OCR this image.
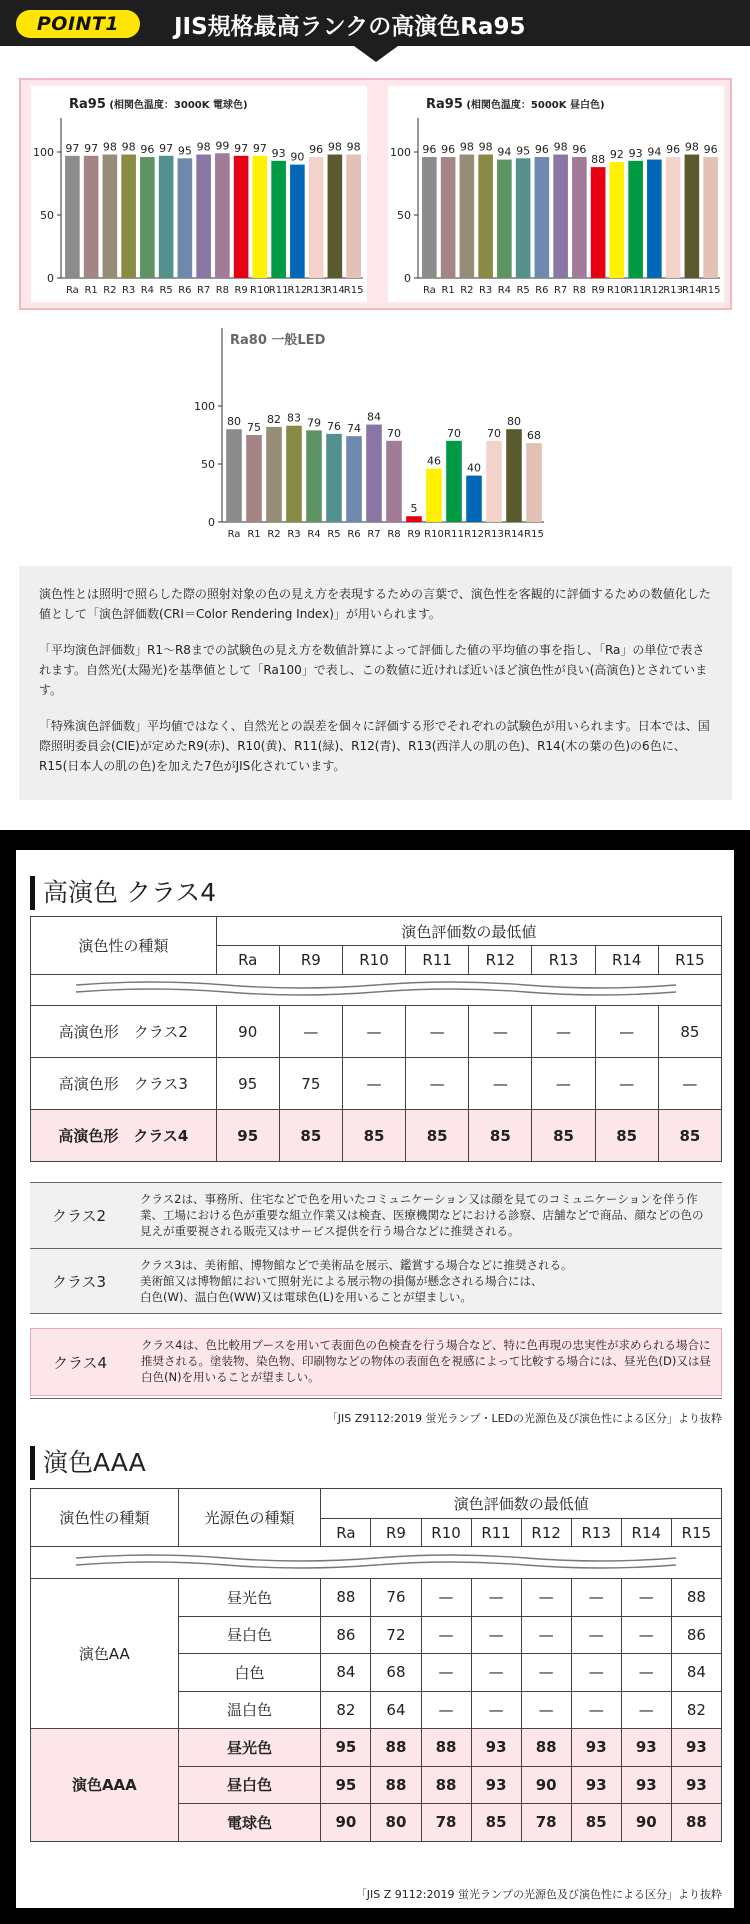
POINT1	JIS規格最高ランクの高演色Ra95
Ra95 (相関色温度：3000K 電球色)
0
50
100 97
Ra
97
R1
98
R2
98
R3
96
R4
97
R5
95
R6
98
R7
99
R8
97
R9
97
R10
93
R11
90
R12
96
R13
98
R14
98
R15
Ra95 (相関色温度：5000K 昼白色)
0
50
100 96
Ra
96
R1
98
R2
98
R3
94
R4
95
R5
96
R6
98
R7
96
R8
88
R9
92
R10
93
R11
94
R12
96
R13
98
R14
96
R15
Ra80 一般LED
0
50
100
80
Ra
75
R1
82
R2
83
R3
79
R4
76
R5
74
R6
84
R7
70
R8
5
R9
46
R10
70
R11
40
R12
70
R13
80
R14
68
R15

演色性とは照明で照らした際の照射対象の色の見え方を表現するための言葉で、演色性を客観的に評価するための数値化した値として「演色評価数(CRI＝Color Rendering Index)」が用いられます。

「平均演色評価数」R1〜R8までの試験色の見え方を数値計算によって評価した値の平均値の事を指し、「Ra」の単位で表されます。自然光(太陽光)を基準値として「Ra100」で表し、この数値に近ければ近いほど演色性が良い(高演色)とされています。

「特殊演色評価数」平均値ではなく、自然光との誤差を個々に評価する形でそれぞれの試験色が用いられます。日本では、国際照明委員会(CIE)が定めたR9(赤)、R10(黄)、R11(緑)、R12(青)、R13(西洋人の肌の色)、R14(木の葉の色)の6色に、R15(日本人の肌の色)を加えた7色がJIS化されています。

高演色 クラス4
演色性の種類	演色評価数の最低値							
	Ra	R9	R10	R11	R12	R13	R14	R15

高演色形　クラス2	90	—	—	—	—	—	—	85
高演色形　クラス3	95	75	—	—	—	—	—	—
高演色形　クラス4	95	85	85	85	85	85	85	85
クラス2
クラス2は、事務所、住宅などで色を用いたコミュニケーション又は顔を見てのコミュニケーションを伴う作業、工場における色が重要な組立作業又は検査、医療機関などにおける診察、店舗などで商品、顔などの色の見えが重要視される販売又はサービス提供を行う場合などに推奨される。
クラス3
クラス3は、美術館、博物館などで美術品を展示、鑑賞する場合などに推奨される。
美術館又は博物館において照射光による展示物の損傷が懸念される場合には、
白色(W)、温白色(WW)又は電球色(L)を用いることが望ましい。
クラス4
クラス4は、色比較用ブースを用いて表面色の色検査を行う場合など、特に色再現の忠実性が求められる場合に推奨される。塗装物、染色物、印刷物などの物体の表面色を視感によって比較する場合には、昼光色(D)又は昼白色(N)を用いることが望ましい。
「JIS Z9112:2019 蛍光ランプ・LEDの光源色及び演色性による区分」より抜粋
演色AAA
演色性の種類	光源色の種類	演色評価数の最低値							
		Ra	R9	R10	R11	R12	R13	R14	R15

演色AA	昼光色	88	76	—	—	—	—	—	88
	昼白色	86	72	—	—	—	—	—	86
	白色	84	68	—	—	—	—	—	84
	温白色	82	64	—	—	—	—	—	82
演色AAA	昼光色	95	88	88	93	88	93	93	93
	昼白色	95	88	88	93	90	93	93	93
	電球色	90	80	78	85	78	85	90	88
「JIS Z 9112:2019 蛍光ランプの光源色及び演色性による区分」より抜粋
